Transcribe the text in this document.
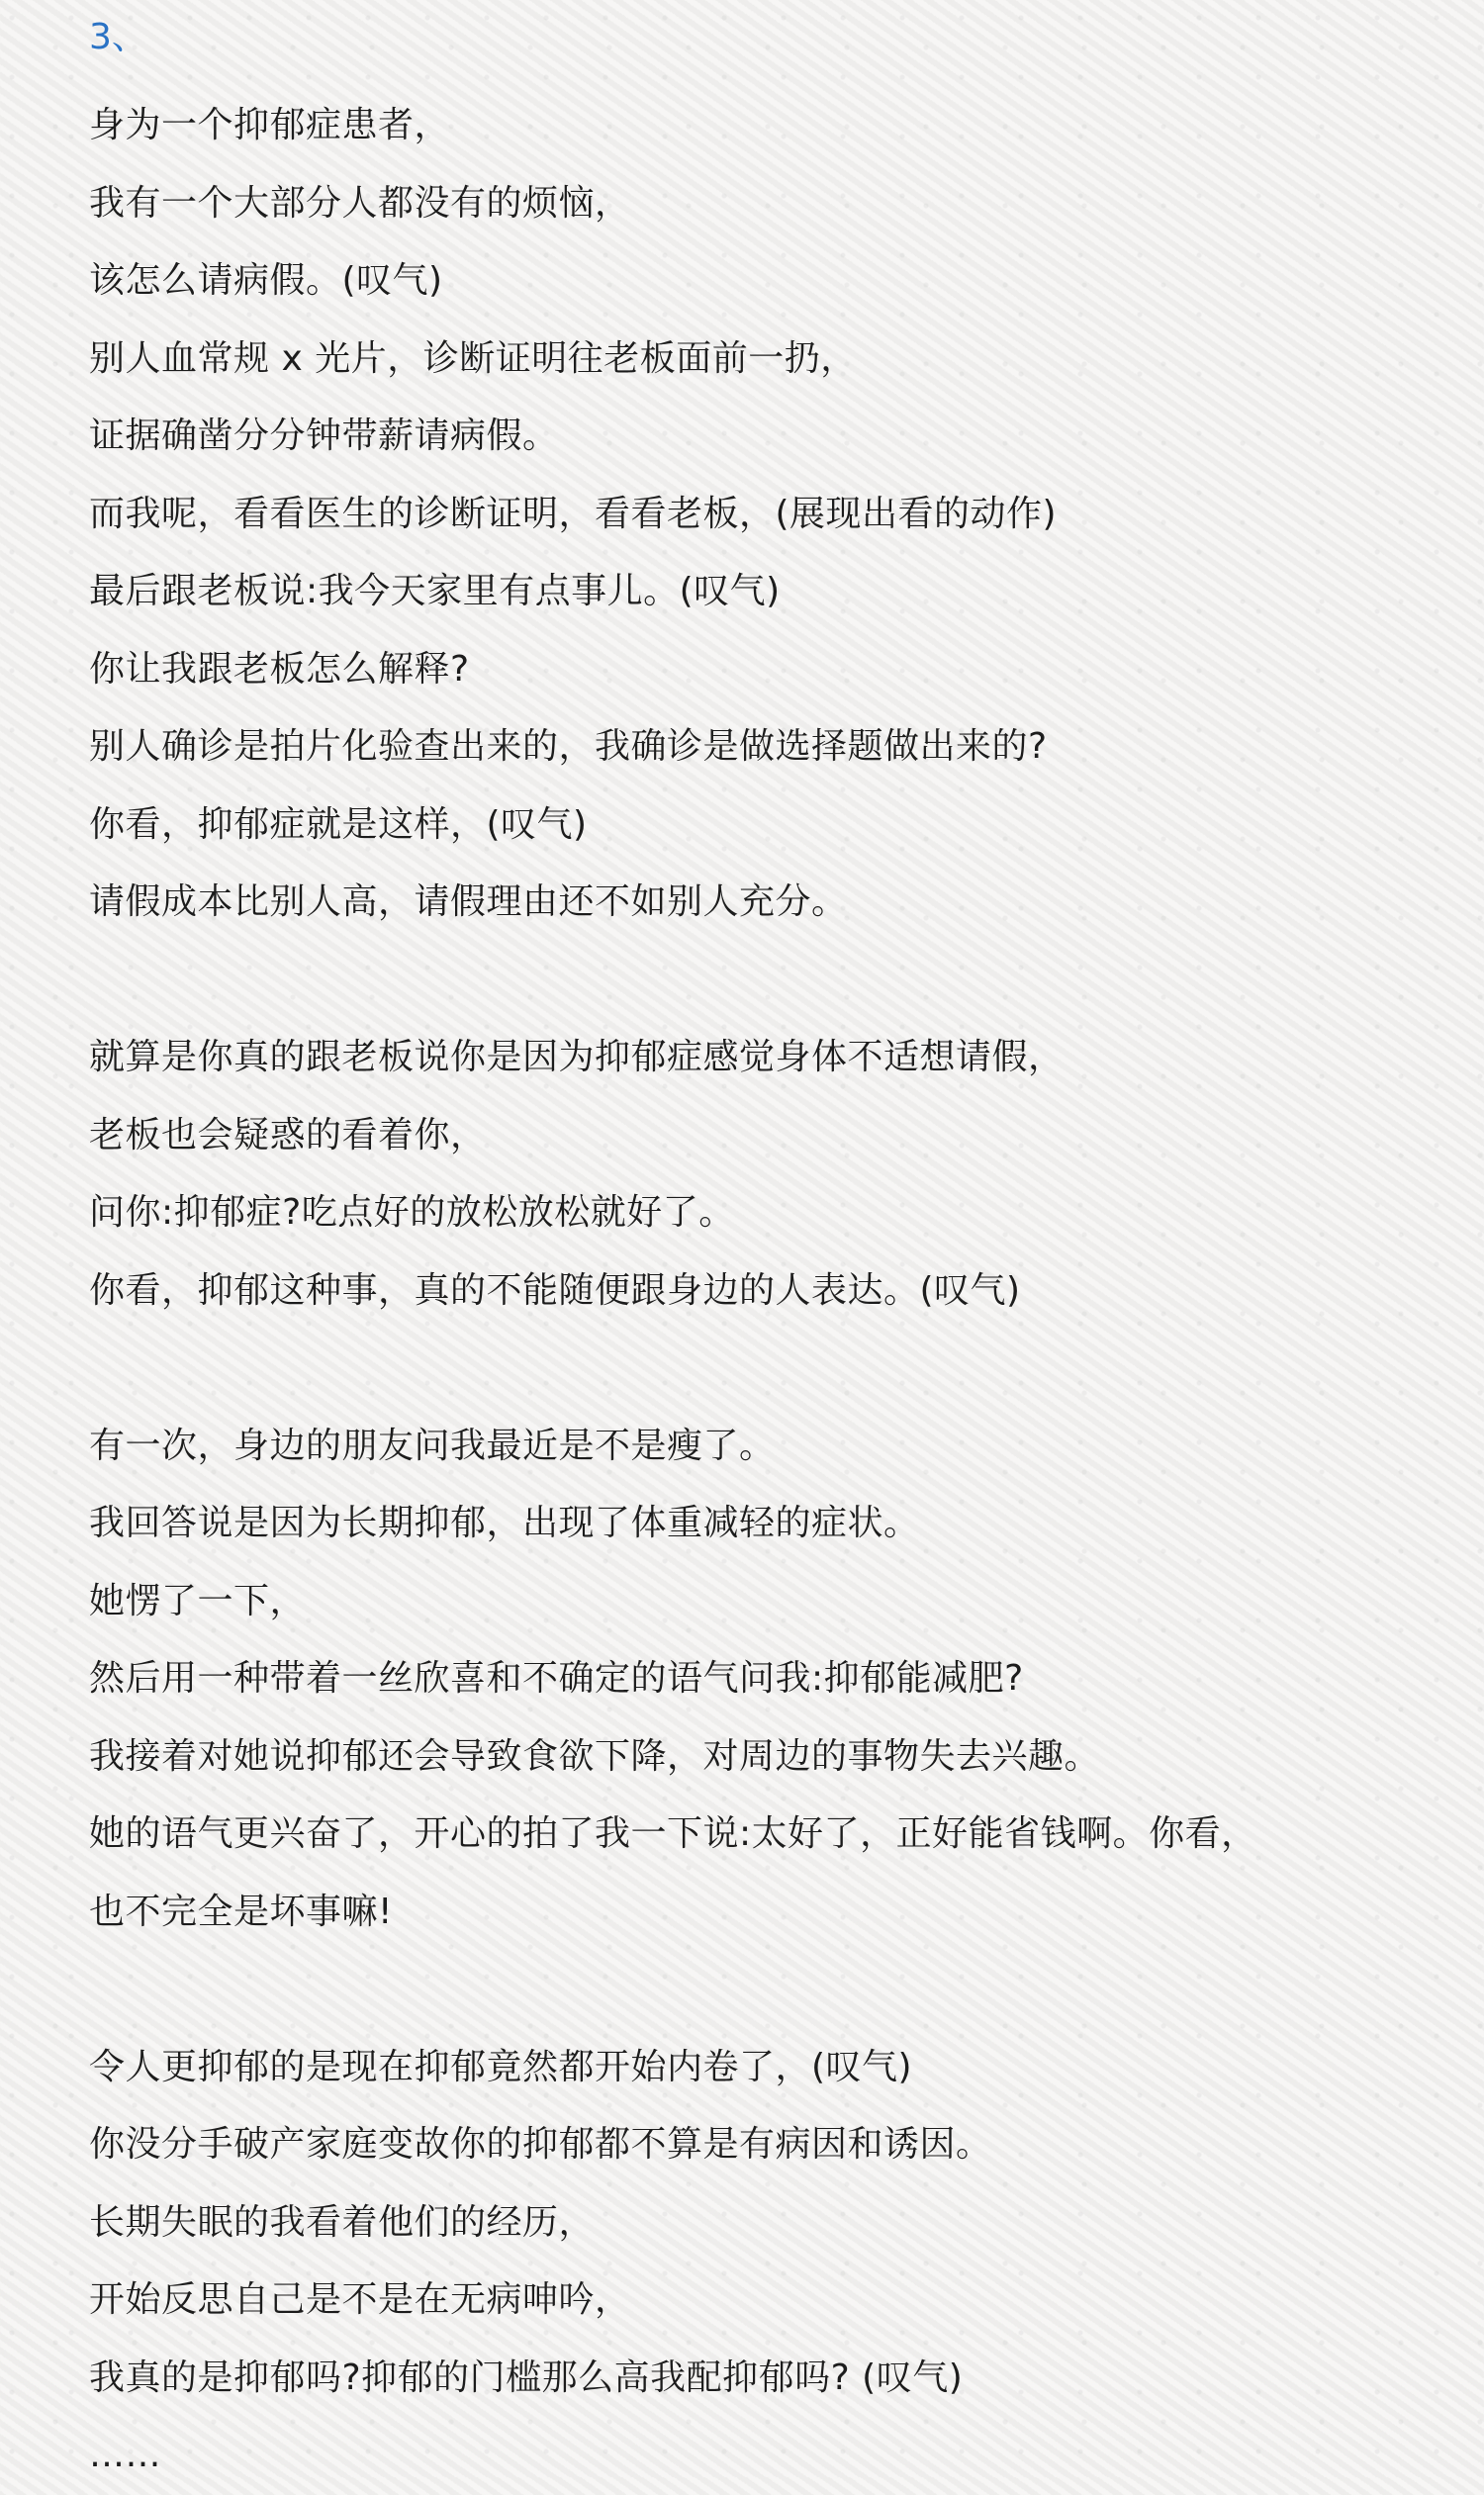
3、
身为一个抑郁症患者，
我有一个大部分人都没有的烦恼，
该怎么请病假。(叹气)
别人血常规 x 光片，诊断证明往老板面前一扔，
证据确凿分分钟带薪请病假。
而我呢，看看医生的诊断证明，看看老板，(展现出看的动作)
最后跟老板说:我今天家里有点事儿。(叹气)
你让我跟老板怎么解释?
别人确诊是拍片化验查出来的，我确诊是做选择题做出来的?
你看，抑郁症就是这样，(叹气)
请假成本比别人高，请假理由还不如别人充分。
就算是你真的跟老板说你是因为抑郁症感觉身体不适想请假，
老板也会疑惑的看着你，
问你:抑郁症?吃点好的放松放松就好了。
你看，抑郁这种事，真的不能随便跟身边的人表达。(叹气)
有一次，身边的朋友问我最近是不是瘦了。
我回答说是因为长期抑郁，出现了体重减轻的症状。
她愣了一下，
然后用一种带着一丝欣喜和不确定的语气问我:抑郁能减肥?
我接着对她说抑郁还会导致食欲下降，对周边的事物失去兴趣。
她的语气更兴奋了，开心的拍了我一下说:太好了，正好能省钱啊。你看，
也不完全是坏事嘛!
令人更抑郁的是现在抑郁竟然都开始内卷了，(叹气)
你没分手破产家庭变故你的抑郁都不算是有病因和诱因。
长期失眠的我看着他们的经历，
开始反思自己是不是在无病呻吟，
我真的是抑郁吗?抑郁的门槛那么高我配抑郁吗? (叹气)
……
